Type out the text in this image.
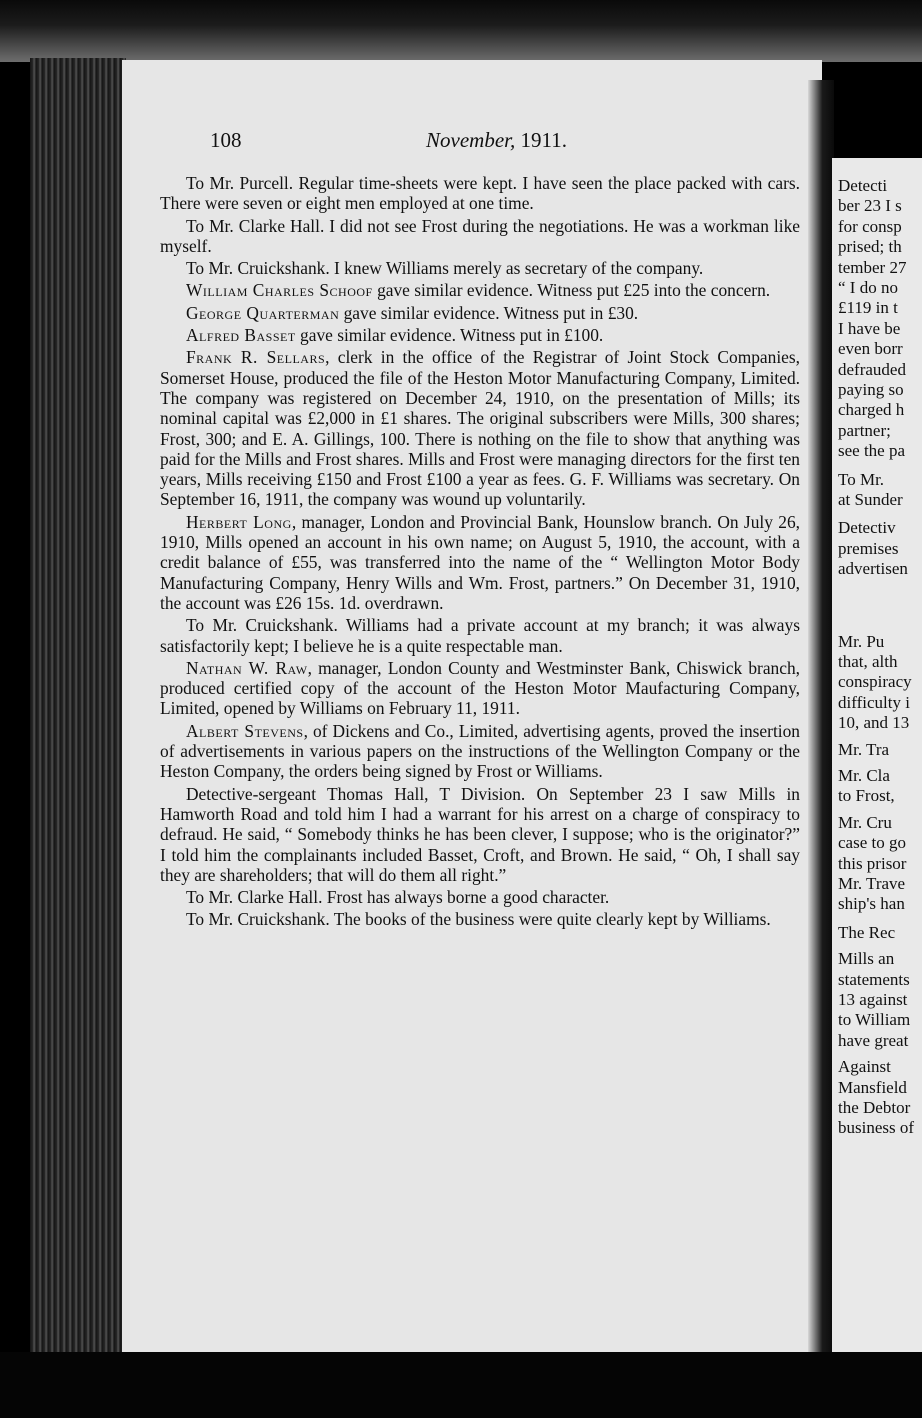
Detecti
ber 23 I s
for consp
prised; th
tember 27
“ I do no
£119 in t
I have be
even borr
defrauded
paying so
charged h
partner;
see the pa
To Mr.
at Sunder
Detectiv
premises
advertisen
Mr. Pu
that, alth
conspiracy
difficulty i
10, and 13
Mr. Tra
Mr. Cla
to Frost,
Mr. Cru
case to go
this prisor
Mr. Trave
ship's han
The Rec
Mills an
statements
13 against
to William
have great
Against
Mansfield
the Debtor
business of
108	November, 1911.

To Mr. Purcell. Regular time-sheets were kept. I have seen the place packed with cars. There were seven or eight men employed at one time.

To Mr. Clarke Hall. I did not see Frost during the negotiations. He was a workman like myself.

To Mr. Cruickshank. I knew Williams merely as secretary of the company.

William Charles Schoof gave similar evidence. Witness put £25 into the concern.

George Quarterman gave similar evidence. Witness put in £30.

Alfred Basset gave similar evidence. Witness put in £100.

Frank R. Sellars, clerk in the office of the Registrar of Joint Stock Companies, Somerset House, produced the file of the Heston Motor Manufacturing Company, Limited. The company was registered on December 24, 1910, on the presentation of Mills; its nominal capital was £2,000 in £1 shares. The original subscribers were Mills, 300 shares; Frost, 300; and E. A. Gillings, 100. There is nothing on the file to show that anything was paid for the Mills and Frost shares. Mills and Frost were managing directors for the first ten years, Mills receiving £150 and Frost £100 a year as fees. G. F. Williams was secretary. On September 16, 1911, the company was wound up voluntarily.

Herbert Long, manager, London and Provincial Bank, Hounslow branch. On July 26, 1910, Mills opened an account in his own name; on August 5, 1910, the account, with a credit balance of £55, was transferred into the name of the “ Wellington Motor Body Manufacturing Company, Henry Wills and Wm. Frost, partners.” On December 31, 1910, the account was £26 15s. 1d. overdrawn.

To Mr. Cruickshank. Williams had a private account at my branch; it was always satisfactorily kept; I believe he is a quite respectable man.

Nathan W. Raw, manager, London County and Westminster Bank, Chiswick branch, produced certified copy of the account of the Heston Motor Maufacturing Company, Limited, opened by Williams on February 11, 1911.

Albert Stevens, of Dickens and Co., Limited, advertising agents, proved the insertion of advertisements in various papers on the instructions of the Wellington Company or the Heston Company, the orders being signed by Frost or Williams.

Detective-sergeant Thomas Hall, T Division. On September 23 I saw Mills in Hamworth Road and told him I had a warrant for his arrest on a charge of conspiracy to defraud. He said, “ Somebody thinks he has been clever, I suppose; who is the originator?” I told him the complainants included Basset, Croft, and Brown. He said, “ Oh, I shall say they are shareholders; that will do them all right.”

To Mr. Clarke Hall. Frost has always borne a good character.

To Mr. Cruickshank. The books of the business were quite clearly kept by Williams.
